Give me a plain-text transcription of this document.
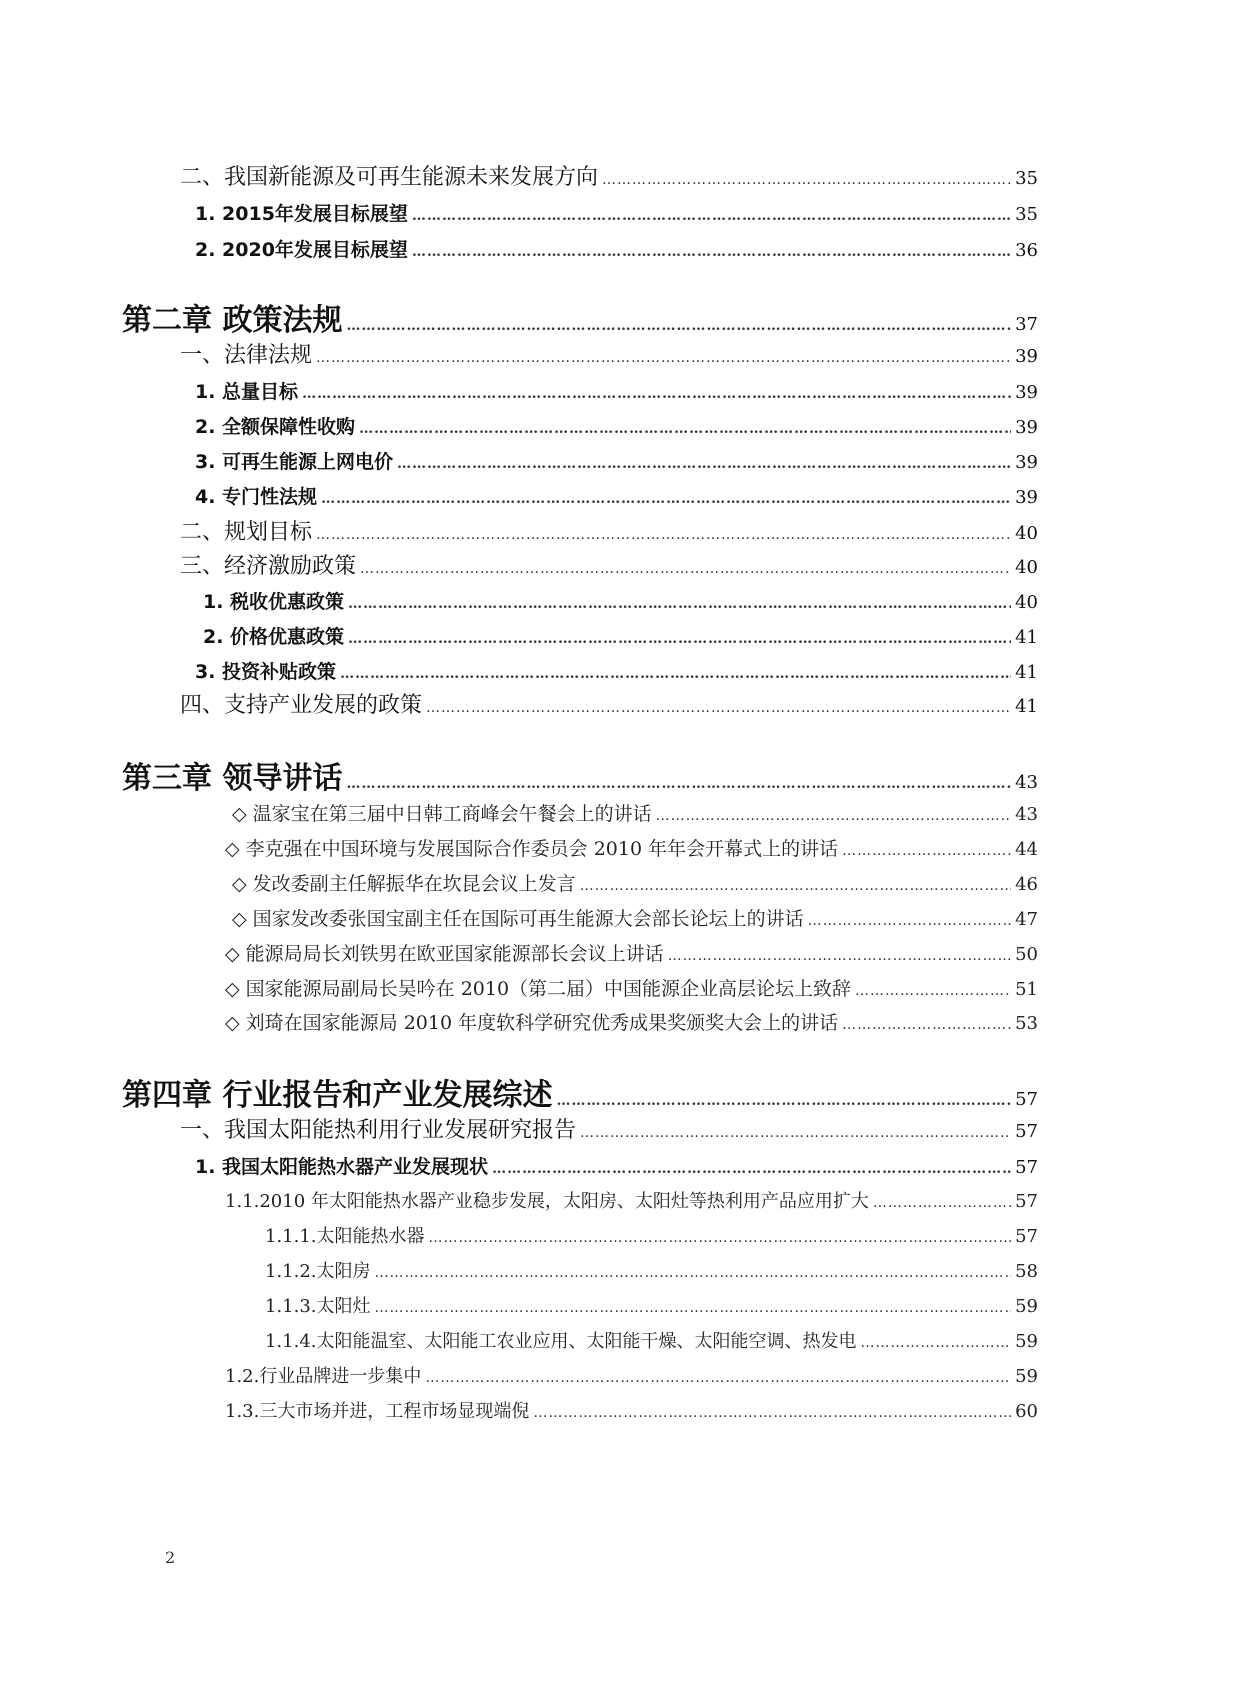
二、我国新能源及可再生能源未来发展方向 ……………………………………………………………………………………………………………………………………………………………………………………………………………………………………………………………………	35
1. 2015年发展目标展望 ……………………………………………………………………………………………………………………………………………………………………………………………………………………………………………………………………	35
2. 2020年发展目标展望 ……………………………………………………………………………………………………………………………………………………………………………………………………………………………………………………………………	36
第二章 政策法规 ……………………………………………………………………………………………………………………………………………………………………………………………………………………………………………………………………	37
一、法律法规 ……………………………………………………………………………………………………………………………………………………………………………………………………………………………………………………………………	39
1. 总量目标 ……………………………………………………………………………………………………………………………………………………………………………………………………………………………………………………………………	39
2. 全额保障性收购 ……………………………………………………………………………………………………………………………………………………………………………………………………………………………………………………………………	39
3. 可再生能源上网电价 ……………………………………………………………………………………………………………………………………………………………………………………………………………………………………………………………………	39
4. 专门性法规 ……………………………………………………………………………………………………………………………………………………………………………………………………………………………………………………………………	39
二、规划目标 ……………………………………………………………………………………………………………………………………………………………………………………………………………………………………………………………………	40
三、经济激励政策 ……………………………………………………………………………………………………………………………………………………………………………………………………………………………………………………………………	40
1. 税收优惠政策 ……………………………………………………………………………………………………………………………………………………………………………………………………………………………………………………………………	40
2. 价格优惠政策 ……………………………………………………………………………………………………………………………………………………………………………………………………………………………………………………………………	41
3. 投资补贴政策 ……………………………………………………………………………………………………………………………………………………………………………………………………………………………………………………………………	41
四、支持产业发展的政策 ……………………………………………………………………………………………………………………………………………………………………………………………………………………………………………………………………	41
第三章 领导讲话 ……………………………………………………………………………………………………………………………………………………………………………………………………………………………………………………………………	43
◇ 温家宝在第三届中日韩工商峰会午餐会上的讲话 ……………………………………………………………………………………………………………………………………………………………………………………………………………………………………………………………………	43
◇ 李克强在中国环境与发展国际合作委员会 2010 年年会开幕式上的讲话 ……………………………………………………………………………………………………………………………………………………………………………………………………………………………………………………………………	44
◇ 发改委副主任解振华在坎昆会议上发言 ……………………………………………………………………………………………………………………………………………………………………………………………………………………………………………………………………	46
◇ 国家发改委张国宝副主任在国际可再生能源大会部长论坛上的讲话 ……………………………………………………………………………………………………………………………………………………………………………………………………………………………………………………………………	47
◇ 能源局局长刘铁男在欧亚国家能源部长会议上讲话 ……………………………………………………………………………………………………………………………………………………………………………………………………………………………………………………………………	50
◇ 国家能源局副局长吴吟在 2010（第二届）中国能源企业高层论坛上致辞 ……………………………………………………………………………………………………………………………………………………………………………………………………………………………………………………………………	51
◇ 刘琦在国家能源局 2010 年度软科学研究优秀成果奖颁奖大会上的讲话 ……………………………………………………………………………………………………………………………………………………………………………………………………………………………………………………………………	53
第四章 行业报告和产业发展综述 ……………………………………………………………………………………………………………………………………………………………………………………………………………………………………………………………………	57
一、我国太阳能热利用行业发展研究报告 ……………………………………………………………………………………………………………………………………………………………………………………………………………………………………………………………………	57
1. 我国太阳能热水器产业发展现状 ……………………………………………………………………………………………………………………………………………………………………………………………………………………………………………………………………	57
1.1.2010 年太阳能热水器产业稳步发展，太阳房、太阳灶等热利用产品应用扩大 ……………………………………………………………………………………………………………………………………………………………………………………………………………………………………………………………………	57
1.1.1.太阳能热水器 ……………………………………………………………………………………………………………………………………………………………………………………………………………………………………………………………………	57
1.1.2.太阳房 ……………………………………………………………………………………………………………………………………………………………………………………………………………………………………………………………………	58
1.1.3.太阳灶 ……………………………………………………………………………………………………………………………………………………………………………………………………………………………………………………………………	59
1.1.4.太阳能温室、太阳能工农业应用、太阳能干燥、太阳能空调、热发电 ……………………………………………………………………………………………………………………………………………………………………………………………………………………………………………………………………	59
1.2.行业品牌进一步集中 ……………………………………………………………………………………………………………………………………………………………………………………………………………………………………………………………………	59
1.3.三大市场并进，工程市场显现端倪 ……………………………………………………………………………………………………………………………………………………………………………………………………………………………………………………………………	60
2
